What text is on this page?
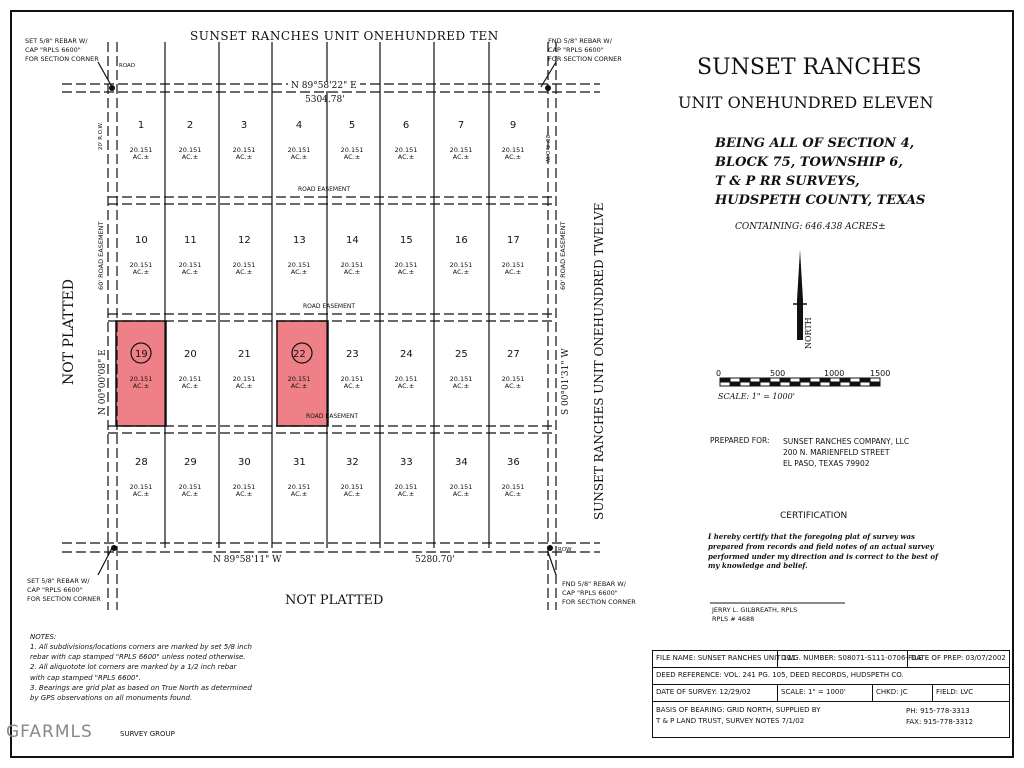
SUNSET RANCHES UNIT ONEHUNDRED TEN
NOT PLATTED
NOT PLATTED	SUNSET RANCHES UNIT ONEHUNDRED TWELVE
SET 5/8" REBAR W/
CAP "RPLS 6600"
FOR SECTION CORNER
FND 5/8" REBAR W/
CAP "RPLS 6600"
FOR SECTION CORNER
SET 5/8" REBAR W/
CAP "RPLS 6600"
FOR SECTION CORNER
FND 5/8" REBAR W/
CAP "RPLS 6600"
FOR SECTION CORNER
ROAD
ROW
N 89°58'22" E
5304.78'
N 89°58'11" W	5280.70'
N 00°00'08" E	S 00°01'31" W
20' R.O.W.	20' R.O.W.
60' ROAD EASEMENT	60' ROAD EASEMENT
ROAD EASEMENT
ROAD EASEMENT
ROAD EASEMENT
1
20.151
AC.±
2
20.151
AC.±
3
20.151
AC.±
4
20.151
AC.±
5
20.151
AC.±
6
20.151
AC.±
7
20.151
AC.±
9
20.151
AC.±
10
20.151
AC.±
11
20.151
AC.±
12
20.151
AC.±
13
20.151
AC.±
14
20.151
AC.±
15
20.151
AC.±
16
20.151
AC.±
17
20.151
AC.±
19
20.151
AC.±
20
20.151
AC.±
21
20.151
AC.±
22
20.151
AC.±
23
20.151
AC.±
24
20.151
AC.±
25
20.151
AC.±
27
20.151
AC.±
28
20.151
AC.±
29
20.151
AC.±
30
20.151
AC.±
31
20.151
AC.±
32
20.151
AC.±
33
20.151
AC.±
34
20.151
AC.±
36
20.151
AC.±
SUNSET RANCHES
UNIT ONEHUNDRED ELEVEN
BEING ALL OF SECTION 4,
BLOCK 75, TOWNSHIP 6,
T & P RR SURVEYS,
HUDSPETH COUNTY, TEXAS
CONTAINING: 646.438 ACRES±
NORTH
0	500	1000	1500
SCALE: 1" = 1000'
PREPARED FOR: SUNSET RANCHES COMPANY, LLC
200 N. MARIENFELD STREET
EL PASO, TEXAS 79902
CERTIFICATION
I hereby certify that the foregoing plat of survey was
prepared from records and field notes of an actual survey
performed under my direction and is correct to the best of
my knowledge and belief.
JERRY L. GILBREATH, RPLS
RPLS # 4688
NOTES:
1. All subdivisions/locations corners are marked by set 5/8 inch
rebar with cap stamped "RPLS 6600" unless noted otherwise.
2. All aliquotote lot corners are marked by a 1/2 inch rebar
with cap stamped "RPLS 6600".
3. Bearings are grid plat as based on True North as determined
by GPS observations on all monuments found.
SURVEY GROUP
GFARMLS
FILE NAME: SUNSET RANCHES UNIT 111
DWG. NUMBER: S08071-S111-0706-FILE
DATE OF PREP: 03/07/2002
DEED REFERENCE: VOL. 241 PG. 105, DEED RECORDS, HUDSPETH CO.
DATE OF SURVEY: 12/29/02	SCALE: 1" = 1000'	CHKD: JC	FIELD: LVC
BASIS OF BEARING: GRID NORTH, SUPPLIED BY
T & P LAND TRUST, SURVEY NOTES 7/1/02
PH: 915-778-3313
FAX: 915-778-3312
